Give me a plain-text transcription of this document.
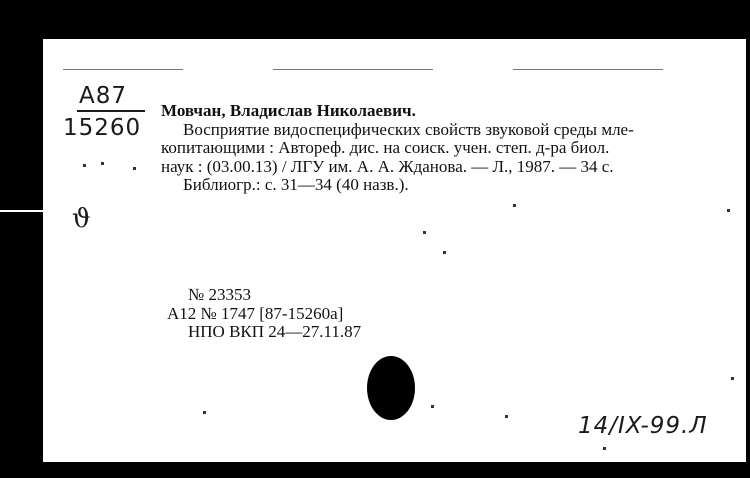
A87
15260
Мовчан, Владислав Николаевич.
Восприятие видоспецифических свойств звуковой среды мле-
копитающими : Автореф. дис. на соиск. учен. степ. д-ра биол.
наук : (03.00.13) / ЛГУ им. А. А. Жданова. — Л., 1987. — 34 с.
Библиогр.: с. 31—34 (40 назв.).
ϑ
№ 23353
А12 № 1747 [87-15260а]
НПО ВКП 24—27.11.87
14/IX-99.Л
